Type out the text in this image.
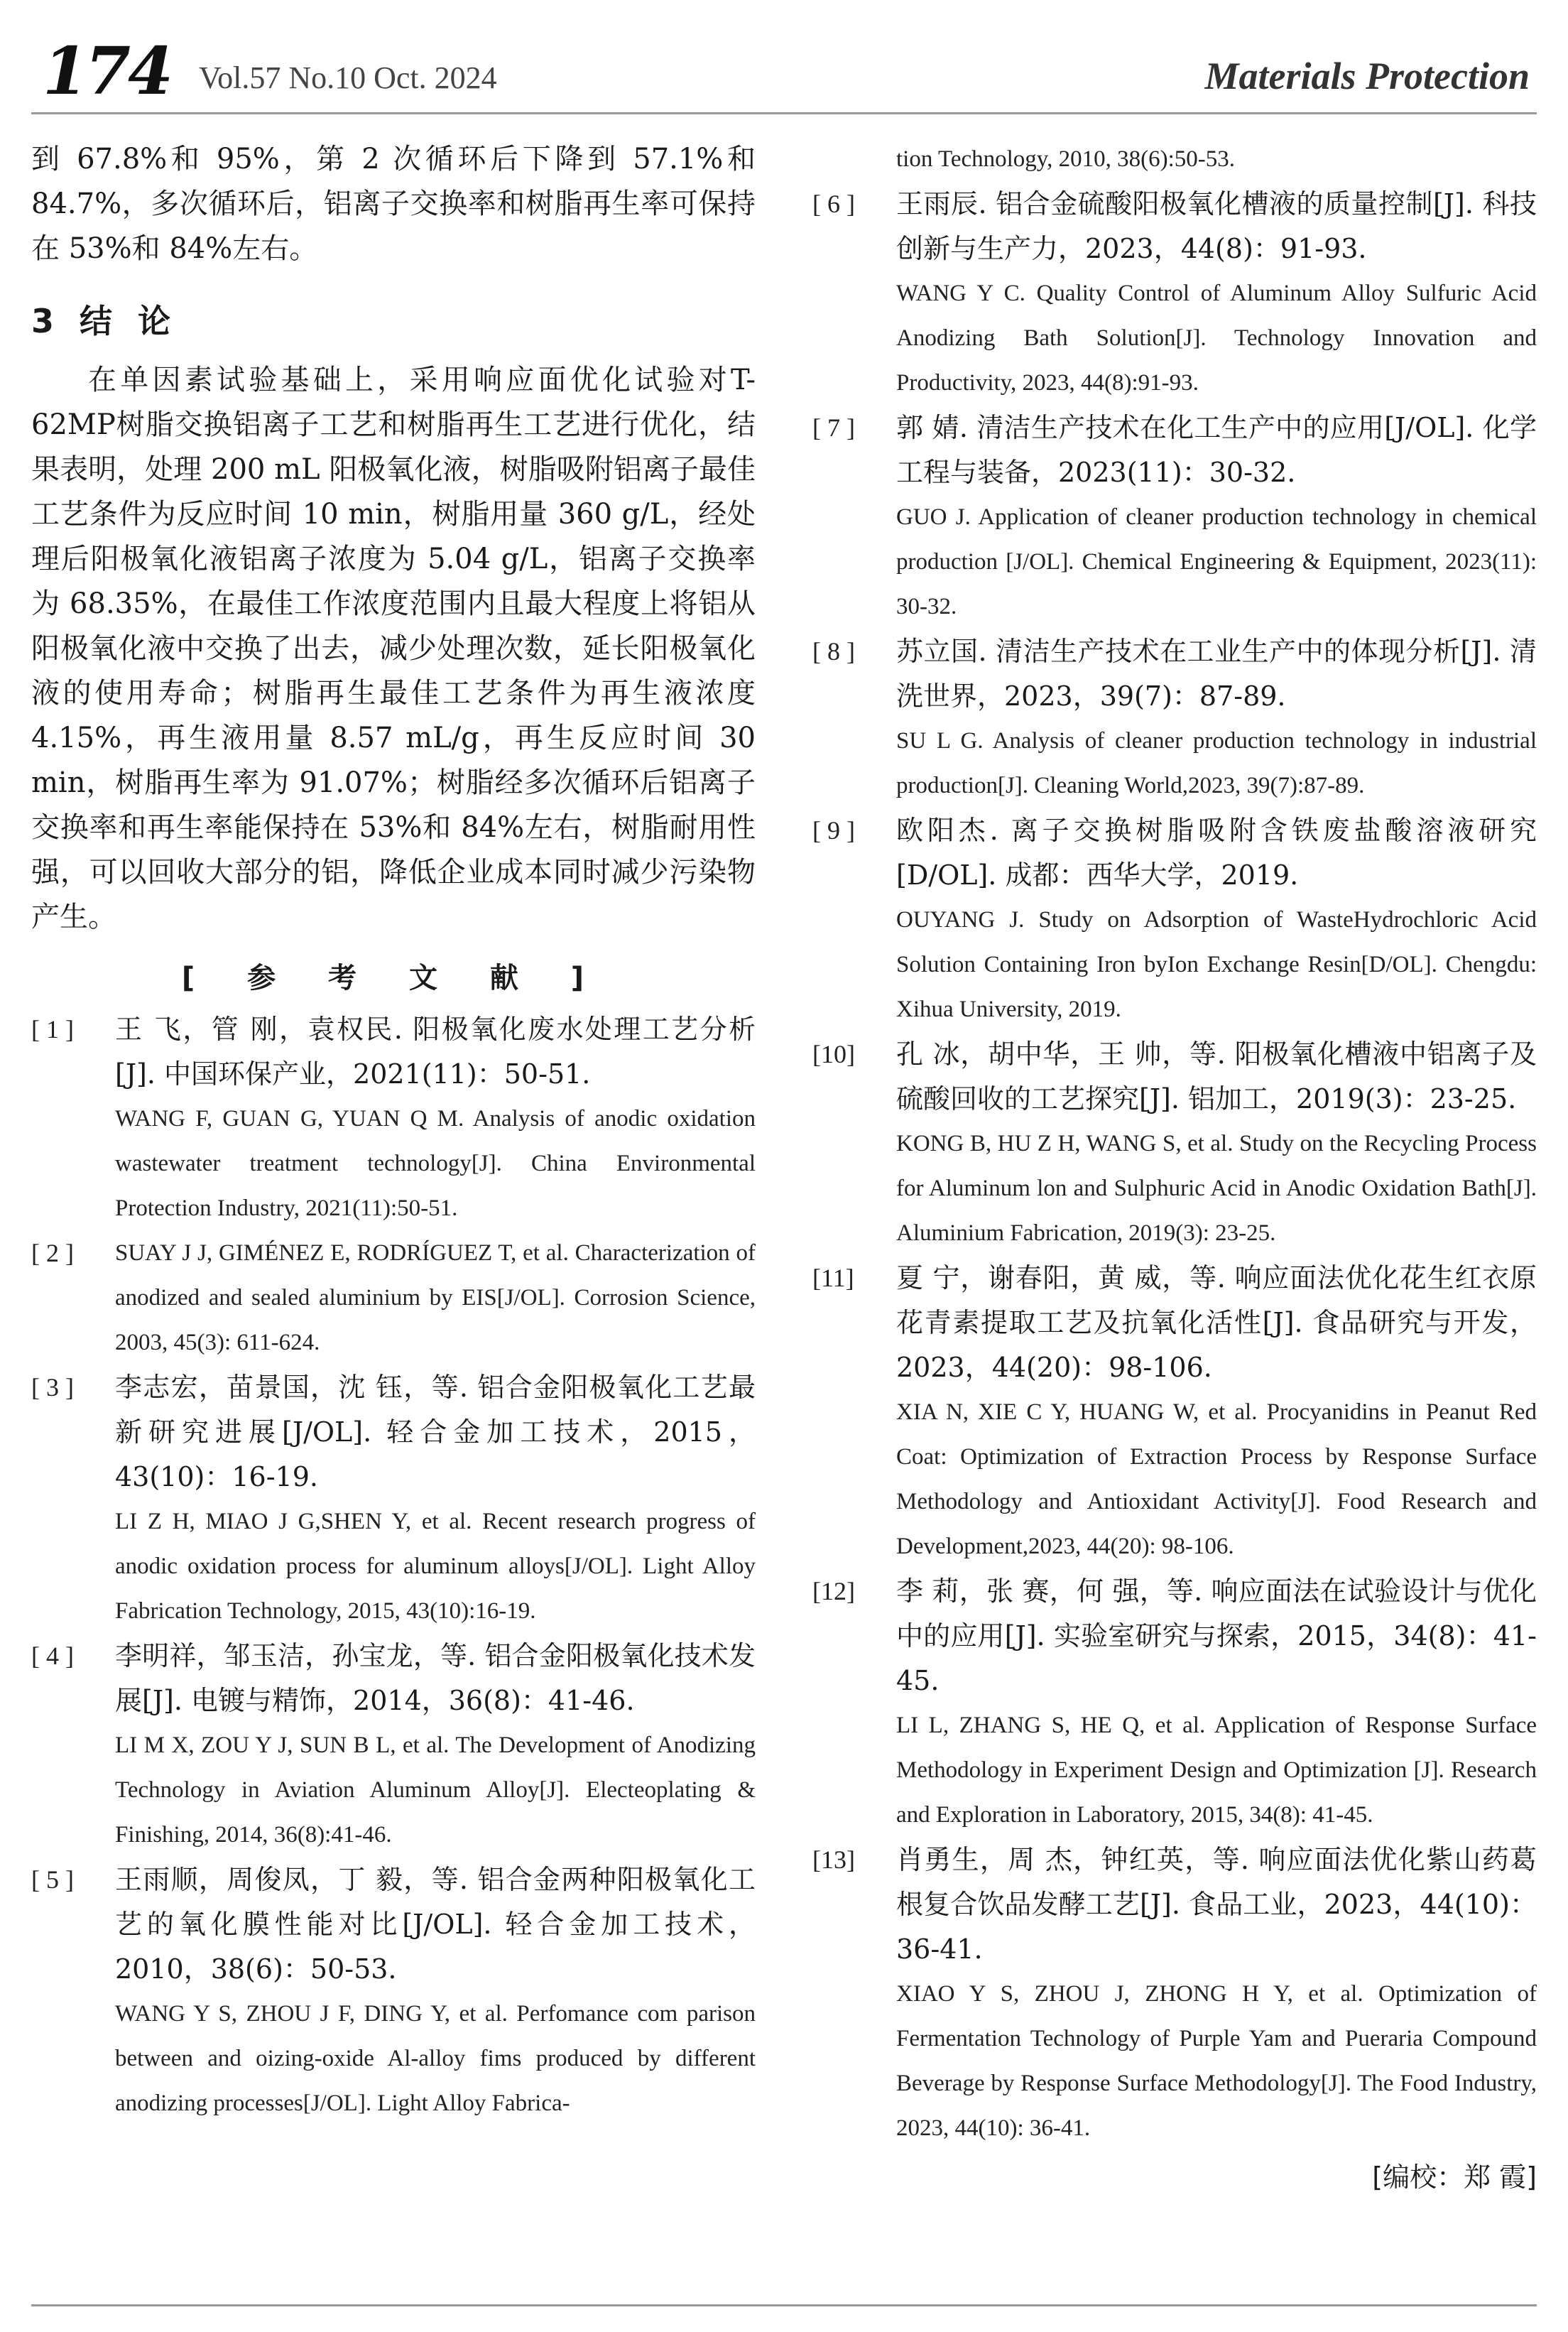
174 Vol.57 No.10 Oct. 2024	Materials Protection

到 67.8%和 95%，第 2 次循环后下降到 57.1%和84.7%，多次循环后，铝离子交换率和树脂再生率可保持在 53%和 84%左右。

3 结 论

在单因素试验基础上，采用响应面优化试验对T-62MP树脂交换铝离子工艺和树脂再生工艺进行优化，结果表明，处理 200 mL 阳极氧化液，树脂吸附铝离子最佳工艺条件为反应时间 10 min，树脂用量 360 g/L，经处理后阳极氧化液铝离子浓度为 5.04 g/L，铝离子交换率为 68.35%，在最佳工作浓度范围内且最大程度上将铝从阳极氧化液中交换了出去，减少处理次数，延长阳极氧化液的使用寿命；树脂再生最佳工艺条件为再生液浓度 4.15%，再生液用量 8.57 mL/g，再生反应时间 30 min，树脂再生率为 91.07%；树脂经多次循环后铝离子交换率和再生率能保持在 53%和 84%左右，树脂耐用性强，可以回收大部分的铝，降低企业成本同时减少污染物产生。

[ 参 考 文 献 ]
[ 1 ]	王 飞，管 刚，袁权民. 阳极氧化废水处理工艺分析[J]. 中国环保产业，2021(11)：50-51.

WANG F, GUAN G, YUAN Q M. Analysis of anodic oxidation wastewater treatment technology[J]. China Environmental Protection Industry, 2021(11):50-51.

[ 2 ]	SUAY J J, GIMÉNEZ E, RODRÍGUEZ T, et al. Characterization of anodized and sealed aluminium by EIS[J/OL]. Corrosion Science, 2003, 45(3): 611-624.

[ 3 ]	李志宏，苗景国，沈 钰，等. 铝合金阳极氧化工艺最新研究进展[J/OL]. 轻合金加工技术，2015，43(10)：16-19.

LI Z H, MIAO J G,SHEN Y, et al. Recent research progress of anodic oxidation process for aluminum alloys[J/OL]. Light Alloy Fabrication Technology, 2015, 43(10):16-19.

[ 4 ]	李明祥，邹玉洁，孙宝龙，等. 铝合金阳极氧化技术发展[J]. 电镀与精饰，2014，36(8)：41-46.

LI M X, ZOU Y J, SUN B L, et al. The Development of Anodizing Technology in Aviation Aluminum Alloy[J]. Electeoplating & Finishing, 2014, 36(8):41-46.

[ 5 ]	王雨顺，周俊凤，丁 毅，等. 铝合金两种阳极氧化工艺的氧化膜性能对比[J/OL]. 轻合金加工技术，2010，38(6)：50-53.

WANG Y S, ZHOU J F, DING Y, et al. Perfomance com parison between and oizing-oxide Al-alloy fims produced by different anodizing processes[J/OL]. Light Alloy Fabrica-

tion Technology, 2010, 38(6):50-53.

[ 6 ]	王雨辰. 铝合金硫酸阳极氧化槽液的质量控制[J]. 科技创新与生产力，2023，44(8)：91-93.

WANG Y C. Quality Control of Aluminum Alloy Sulfuric Acid Anodizing Bath Solution[J]. Technology Innovation and Productivity, 2023, 44(8):91-93.

[ 7 ]	郭 婧. 清洁生产技术在化工生产中的应用[J/OL]. 化学工程与装备，2023(11)：30-32.

GUO J. Application of cleaner production technology in chemical production [J/OL]. Chemical Engineering & Equipment, 2023(11): 30-32.

[ 8 ]	苏立国. 清洁生产技术在工业生产中的体现分析[J]. 清洗世界，2023，39(7)：87-89.

SU L G. Analysis of cleaner production technology in industrial production[J]. Cleaning World,2023, 39(7):87-89.

[ 9 ]	欧阳杰. 离子交换树脂吸附含铁废盐酸溶液研究[D/OL]. 成都：西华大学，2019.

OUYANG J. Study on Adsorption of WasteHydrochloric Acid Solution Containing Iron byIon Exchange Resin[D/OL]. Chengdu: Xihua University, 2019.

[10]	孔 冰，胡中华，王 帅，等. 阳极氧化槽液中铝离子及硫酸回收的工艺探究[J]. 铝加工，2019(3)：23-25.

KONG B, HU Z H, WANG S, et al. Study on the Recycling Process for Aluminum lon and Sulphuric Acid in Anodic Oxidation Bath[J]. Aluminium Fabrication, 2019(3): 23-25.

[11]	夏 宁，谢春阳，黄 威，等. 响应面法优化花生红衣原花青素提取工艺及抗氧化活性[J]. 食品研究与开发，2023，44(20)：98-106.

XIA N, XIE C Y, HUANG W, et al. Procyanidins in Peanut Red Coat: Optimization of Extraction Process by Response Surface Methodology and Antioxidant Activity[J]. Food Research and Development,2023, 44(20): 98-106.

[12]	李 莉，张 赛，何 强，等. 响应面法在试验设计与优化中的应用[J]. 实验室研究与探索，2015，34(8)：41-45.

LI L, ZHANG S, HE Q, et al. Application of Response Surface Methodology in Experiment Design and Optimization [J]. Research and Exploration in Laboratory, 2015, 34(8): 41-45.

[13]	肖勇生，周 杰，钟红英，等. 响应面法优化紫山药葛根复合饮品发酵工艺[J]. 食品工业，2023，44(10)：36-41.

XIAO Y S, ZHOU J, ZHONG H Y, et al. Optimization of Fermentation Technology of Purple Yam and Pueraria Compound Beverage by Response Surface Methodology[J]. The Food Industry, 2023, 44(10): 36-41.

[编校：郑 霞]
